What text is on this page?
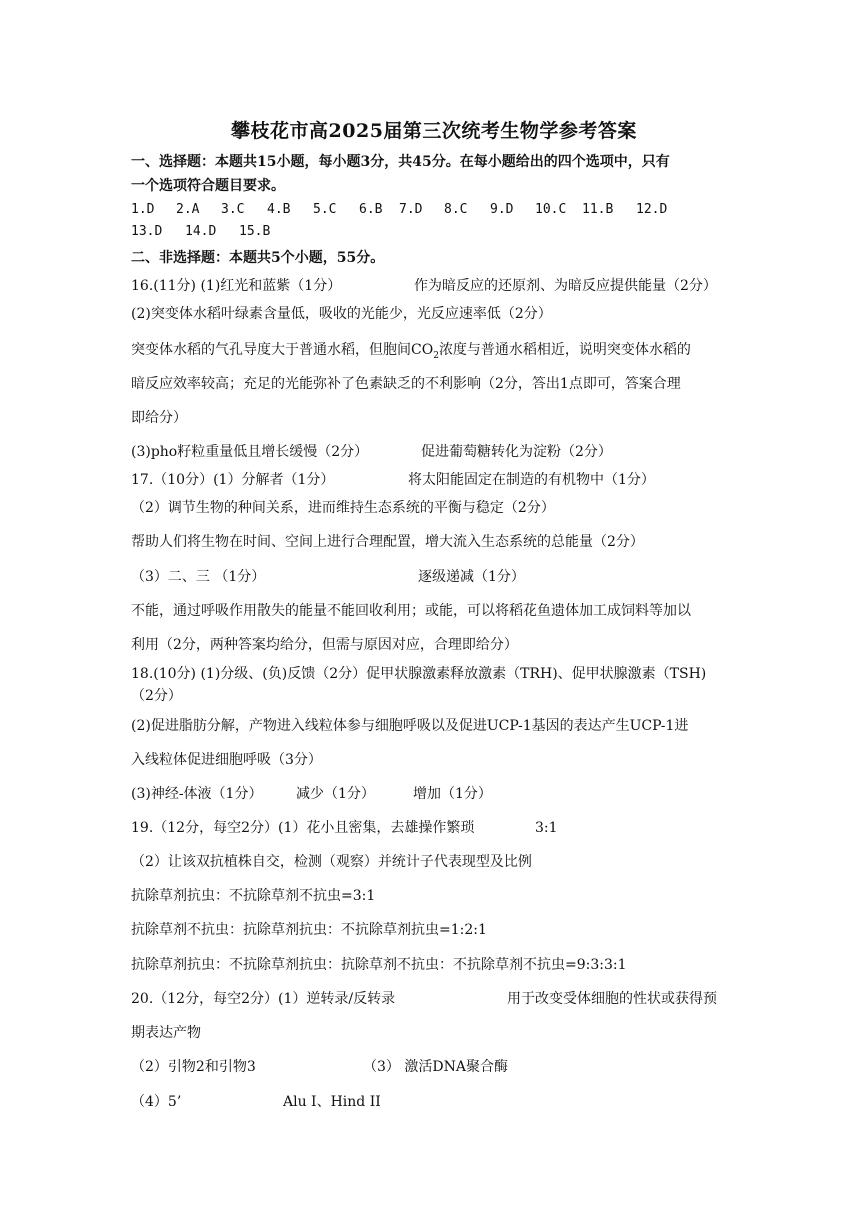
攀枝花市高2025届第三次统考生物学参考答案
一、选择题：本题共15小题，每小题3分，共45分。在每小题给出的四个选项中，只有
一个选项符合题目要求。
1.D 2.A 3.C 4.B 5.C 6.B 7.D 8.C 9.D 10.C 11.B 12.D
13.D 14.D 15.B
二、非选择题：本题共5个小题，55分。
16.(11分) (1)红光和蓝紫（1分）	作为暗反应的还原剂、为暗反应提供能量（2分）
(2)突变体水稻叶绿素含量低，吸收的光能少，光反应速率低（2分）
突变体水稻的气孔导度大于普通水稻，但胞间$CO_2$浓度与普通水稻相近，说明突变体水稻的
暗反应效率较高；充足的光能弥补了色素缺乏的不利影响（2分，答出1点即可，答案合理
即给分）
(3)pho籽粒重量低且增长缓慢（2分）	促进葡萄糖转化为淀粉（2分）
17.（10分）(1）分解者（1分）	将太阳能固定在制造的有机物中（1分）
（2）调节生物的种间关系，进而维持生态系统的平衡与稳定（2分）
帮助人们将生物在时间、空间上进行合理配置，增大流入生态系统的总能量（2分）
（3）二、三 （1分）	逐级递减（1分）
不能，通过呼吸作用散失的能量不能回收利用；或能，可以将稻花鱼遗体加工成饲料等加以
利用（2分，两种答案均给分，但需与原因对应，合理即给分）
18.(10分) (1)分级、(负)反馈（2分）促甲状腺激素释放激素（TRH)、促甲状腺激素（TSH)
（2分）
(2)促进脂肪分解，产物进入线粒体参与细胞呼吸以及促进UCP-1基因的表达产生UCP-1进
入线粒体促进细胞呼吸（3分）
(3)神经-体液（1分） 减少（1分）	增加（1分）
19.（12分，每空2分）(1）花小且密集，去雄操作繁琐	3:1
（2）让该双抗植株自交，检测（观察）并统计子代表现型及比例
抗除草剂抗虫：不抗除草剂不抗虫=3:1
抗除草剂不抗虫：抗除草剂抗虫：不抗除草剂抗虫=1:2:1
抗除草剂抗虫：不抗除草剂抗虫：抗除草剂不抗虫：不抗除草剂不抗虫=9:3:3:1
20.（12分，每空2分）(1）逆转录/反转录	用于改变受体细胞的性状或获得预
期表达产物
（2）引物2和引物3	（3） 激活DNA聚合酶
（4）5’	Alu I、Hind II
